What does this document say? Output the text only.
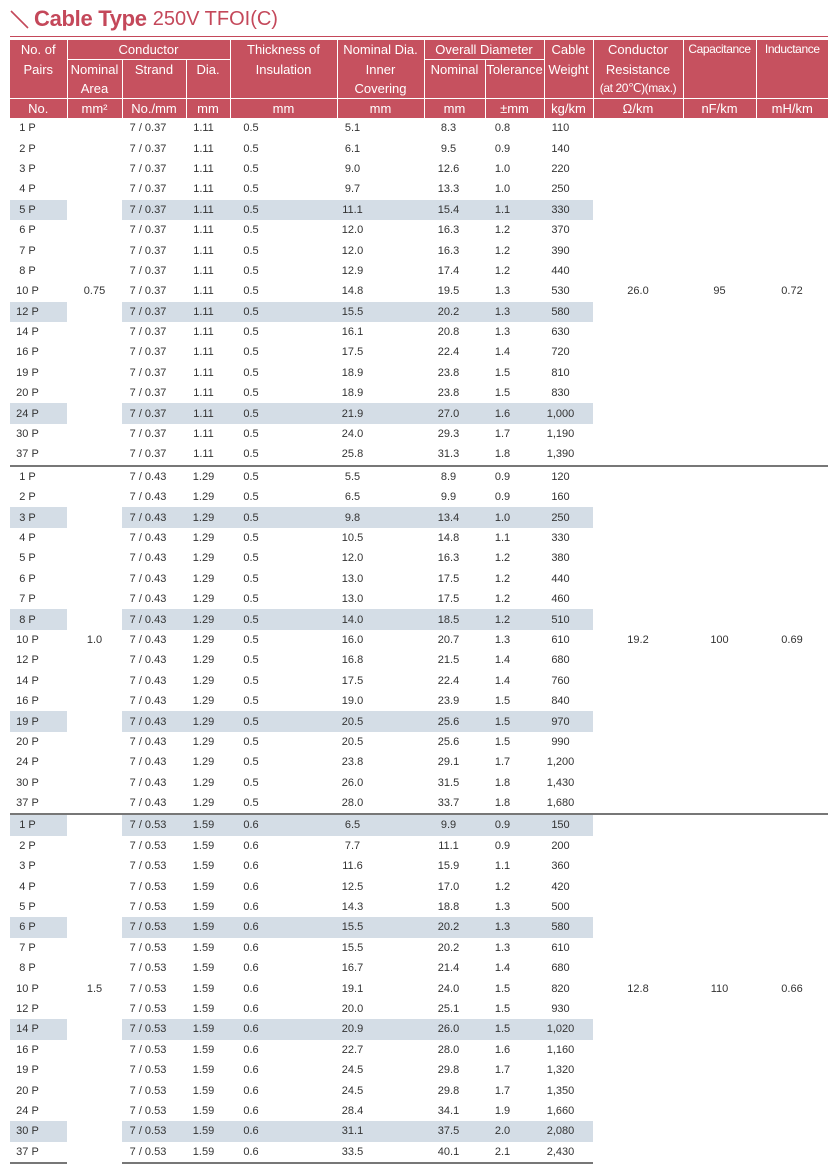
Cable Type 250V TFOI(C)
No. of	Conductor			Thickness of	Nominal Dia.	Overall Diameter		Cable	Conductor	Capacitance	Inductance
Pairs	Nominal	Strand	Dia.	Insulation	Inner	Nominal	Tolerance	Weight	Resistance		
	Area				Covering				(at 20℃)(max.)		
No.	mm²	No./mm	mm	mm	mm	mm	±mm	kg/km	Ω/km	nF/km	mH/km
1 P	0.75	7 / 0.37	1.11	0.5	5.1	8.3	0.8	110	26.0	95	0.72
2 P		7 / 0.37	1.11	0.5	6.1	9.5	0.9	140			
3 P		7 / 0.37	1.11	0.5	9.0	12.6	1.0	220			
4 P		7 / 0.37	1.11	0.5	9.7	13.3	1.0	250			
5 P		7 / 0.37	1.11	0.5	11.1	15.4	1.1	330			
6 P		7 / 0.37	1.11	0.5	12.0	16.3	1.2	370			
7 P		7 / 0.37	1.11	0.5	12.0	16.3	1.2	390			
8 P		7 / 0.37	1.11	0.5	12.9	17.4	1.2	440			
10 P		7 / 0.37	1.11	0.5	14.8	19.5	1.3	530			
12 P		7 / 0.37	1.11	0.5	15.5	20.2	1.3	580			
14 P		7 / 0.37	1.11	0.5	16.1	20.8	1.3	630			
16 P		7 / 0.37	1.11	0.5	17.5	22.4	1.4	720			
19 P		7 / 0.37	1.11	0.5	18.9	23.8	1.5	810			
20 P		7 / 0.37	1.11	0.5	18.9	23.8	1.5	830			
24 P		7 / 0.37	1.11	0.5	21.9	27.0	1.6	1,000			
30 P		7 / 0.37	1.11	0.5	24.0	29.3	1.7	1,190			
37 P		7 / 0.37	1.11	0.5	25.8	31.3	1.8	1,390			
1 P	1.0	7 / 0.43	1.29	0.5	5.5	8.9	0.9	120	19.2	100	0.69
2 P		7 / 0.43	1.29	0.5	6.5	9.9	0.9	160			
3 P		7 / 0.43	1.29	0.5	9.8	13.4	1.0	250			
4 P		7 / 0.43	1.29	0.5	10.5	14.8	1.1	330			
5 P		7 / 0.43	1.29	0.5	12.0	16.3	1.2	380			
6 P		7 / 0.43	1.29	0.5	13.0	17.5	1.2	440			
7 P		7 / 0.43	1.29	0.5	13.0	17.5	1.2	460			
8 P		7 / 0.43	1.29	0.5	14.0	18.5	1.2	510			
10 P		7 / 0.43	1.29	0.5	16.0	20.7	1.3	610			
12 P		7 / 0.43	1.29	0.5	16.8	21.5	1.4	680			
14 P		7 / 0.43	1.29	0.5	17.5	22.4	1.4	760			
16 P		7 / 0.43	1.29	0.5	19.0	23.9	1.5	840			
19 P		7 / 0.43	1.29	0.5	20.5	25.6	1.5	970			
20 P		7 / 0.43	1.29	0.5	20.5	25.6	1.5	990			
24 P		7 / 0.43	1.29	0.5	23.8	29.1	1.7	1,200			
30 P		7 / 0.43	1.29	0.5	26.0	31.5	1.8	1,430			
37 P		7 / 0.43	1.29	0.5	28.0	33.7	1.8	1,680			
1 P	1.5	7 / 0.53	1.59	0.6	6.5	9.9	0.9	150	12.8	110	0.66
2 P		7 / 0.53	1.59	0.6	7.7	11.1	0.9	200			
3 P		7 / 0.53	1.59	0.6	11.6	15.9	1.1	360			
4 P		7 / 0.53	1.59	0.6	12.5	17.0	1.2	420			
5 P		7 / 0.53	1.59	0.6	14.3	18.8	1.3	500			
6 P		7 / 0.53	1.59	0.6	15.5	20.2	1.3	580			
7 P		7 / 0.53	1.59	0.6	15.5	20.2	1.3	610			
8 P		7 / 0.53	1.59	0.6	16.7	21.4	1.4	680			
10 P		7 / 0.53	1.59	0.6	19.1	24.0	1.5	820			
12 P		7 / 0.53	1.59	0.6	20.0	25.1	1.5	930			
14 P		7 / 0.53	1.59	0.6	20.9	26.0	1.5	1,020			
16 P		7 / 0.53	1.59	0.6	22.7	28.0	1.6	1,160			
19 P		7 / 0.53	1.59	0.6	24.5	29.8	1.7	1,320			
20 P		7 / 0.53	1.59	0.6	24.5	29.8	1.7	1,350			
24 P		7 / 0.53	1.59	0.6	28.4	34.1	1.9	1,660			
30 P		7 / 0.53	1.59	0.6	31.1	37.5	2.0	2,080			
37 P		7 / 0.53	1.59	0.6	33.5	40.1	2.1	2,430			
